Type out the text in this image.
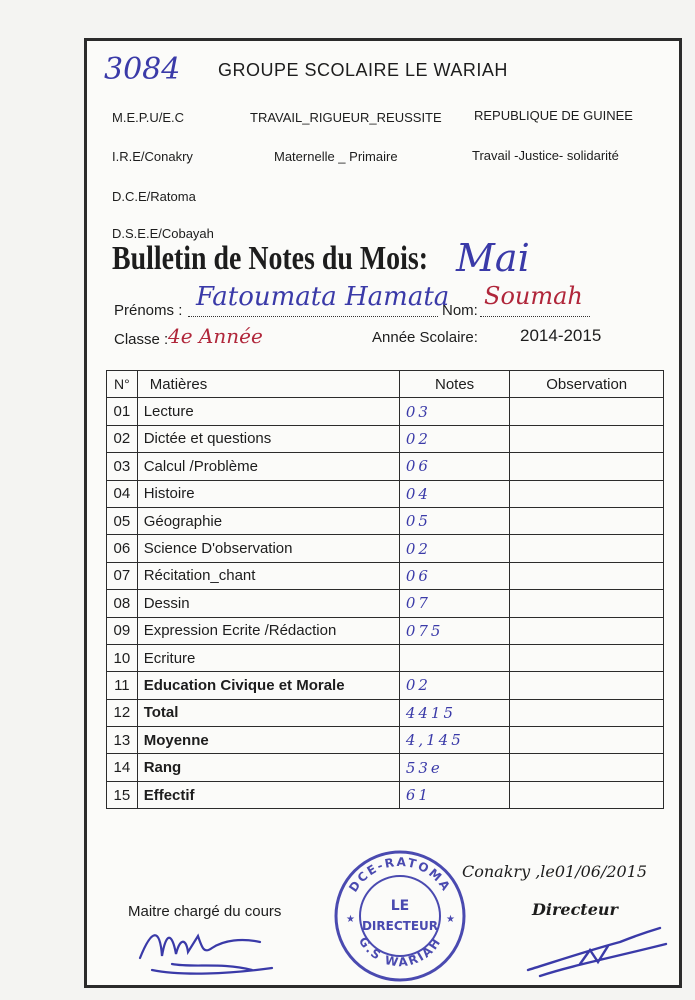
3084 GROUPE SCOLAIRE LE WARIAH
M.E.P.U/E.C
I.R.E/Conakry
D.C.E/Ratoma
D.S.E.E/Cobayah
TRAVAIL_RIGUEUR_REUSSITE
Maternelle _ Primaire
REPUBLIQUE DE GUINEE
Travail -Justice- solidarité
Bulletin de Notes du Mois: Mai
Prénoms : Fatoumata Hamata
Nom:
Soumah
Classe : 4e Année	Année Scolaire: 2014-2015
N°	Matières	Notes	Observation
01	Lecture	03	
02	Dictée et questions	02	
03	Calcul /Problème	06	
04	Histoire	04	
05	Géographie	05	
06	Science D'observation	02	
07	Récitation_chant	06	
08	Dessin	07	
09	Expression Ecrite /Rédaction	075	
10	Ecriture		
11	Education Civique et Morale	02	
12	Total	4415	
13	Moyenne	4,145	
14	Rang	53e	
15	Effectif	61	
Conakry ,le01/06/2015
Directeur
Maitre chargé du cours
DCE-RATOMA
G.S WARIAH
LE
DIRECTEUR
★	★
